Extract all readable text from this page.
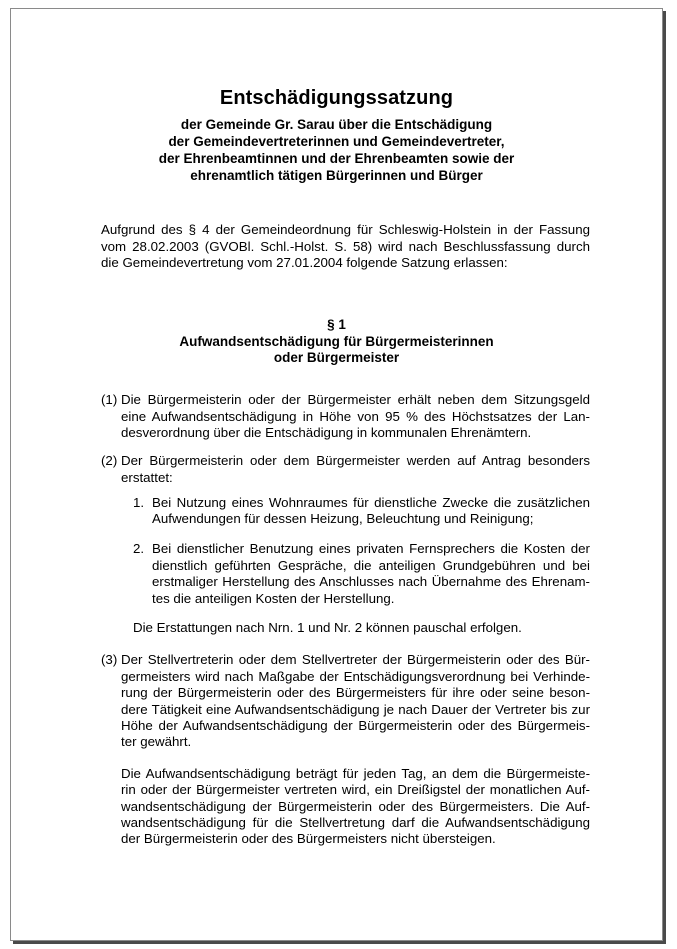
Entschädigungssatzung

der Gemeinde Gr. Sarau über die Entschädigung

der Gemeindevertreterinnen und Gemeindevertreter,

der Ehrenbeamtinnen und der Ehrenbeamten sowie der

ehrenamtlich tätigen Bürgerinnen und Bürger

Aufgrund des § 4 der Gemeindeordnung für Schleswig-Holstein in der Fassung

vom 28.02.2003 (GVOBl. Schl.-Holst. S. 58) wird nach Beschlussfassung durch

die Gemeindevertretung vom 27.01.2004 folgende Satzung erlassen:

§ 1

Aufwandsentschädigung für Bürgermeisterinnen

oder Bürgermeister

(1) Die Bürgermeisterin oder der Bürgermeister erhält neben dem Sitzungsgeld

eine Aufwandsentschädigung in Höhe von 95 % des Höchstsatzes der Lan-

desverordnung über die Entschädigung in kommunalen Ehrenämtern.

(2) Der Bürgermeisterin oder dem Bürgermeister werden auf Antrag besonders

erstattet:

1. Bei Nutzung eines Wohnraumes für dienstliche Zwecke die zusätzlichen

Aufwendungen für dessen Heizung, Beleuchtung und Reinigung;

2. Bei dienstlicher Benutzung eines privaten Fernsprechers die Kosten der

dienstlich geführten Gespräche, die anteiligen Grundgebühren und bei

erstmaliger Herstellung des Anschlusses nach Übernahme des Ehrenam-

tes die anteiligen Kosten der Herstellung.

Die Erstattungen nach Nrn. 1 und Nr. 2 können pauschal erfolgen.

(3) Der Stellvertreterin oder dem Stellvertreter der Bürgermeisterin oder des Bür-

germeisters wird nach Maßgabe der Entschädigungsverordnung bei Verhinde-

rung der Bürgermeisterin oder des Bürgermeisters für ihre oder seine beson-

dere Tätigkeit eine Aufwandsentschädigung je nach Dauer der Vertreter bis zur

Höhe der Aufwandsentschädigung der Bürgermeisterin oder des Bürgermeis-

ter gewährt.

Die Aufwandsentschädigung beträgt für jeden Tag, an dem die Bürgermeiste-

rin oder der Bürgermeister vertreten wird, ein Dreißigstel der monatlichen Auf-

wandsentschädigung der Bürgermeisterin oder des Bürgermeisters. Die Auf-

wandsentschädigung für die Stellvertretung darf die Aufwandsentschädigung

der Bürgermeisterin oder des Bürgermeisters nicht übersteigen.
